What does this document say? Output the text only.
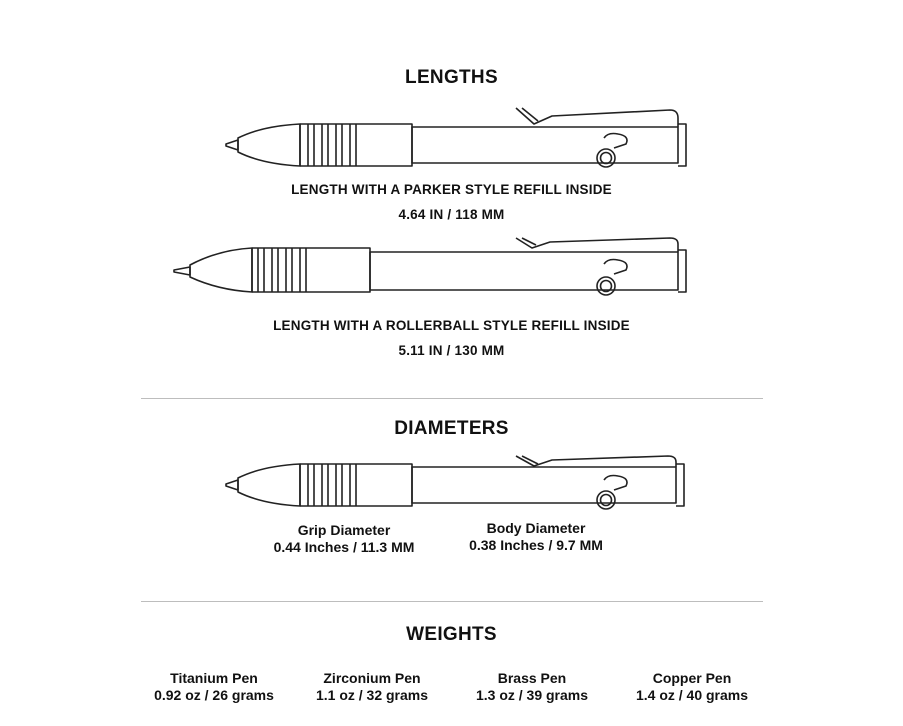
LENGTHS
LENGTH WITH A PARKER STYLE REFILL INSIDE
4.64 IN / 118 MM
LENGTH WITH A ROLLERBALL STYLE REFILL INSIDE
5.11 IN / 130 MM
DIAMETERS
Grip Diameter
0.44 Inches / 11.3 MM
Body Diameter
0.38 Inches / 9.7 MM
WEIGHTS
Titanium Pen
0.92 oz / 26 grams
Zirconium Pen
1.1 oz / 32 grams
Brass Pen
1.3 oz / 39 grams
Copper Pen
1.4 oz / 40 grams
